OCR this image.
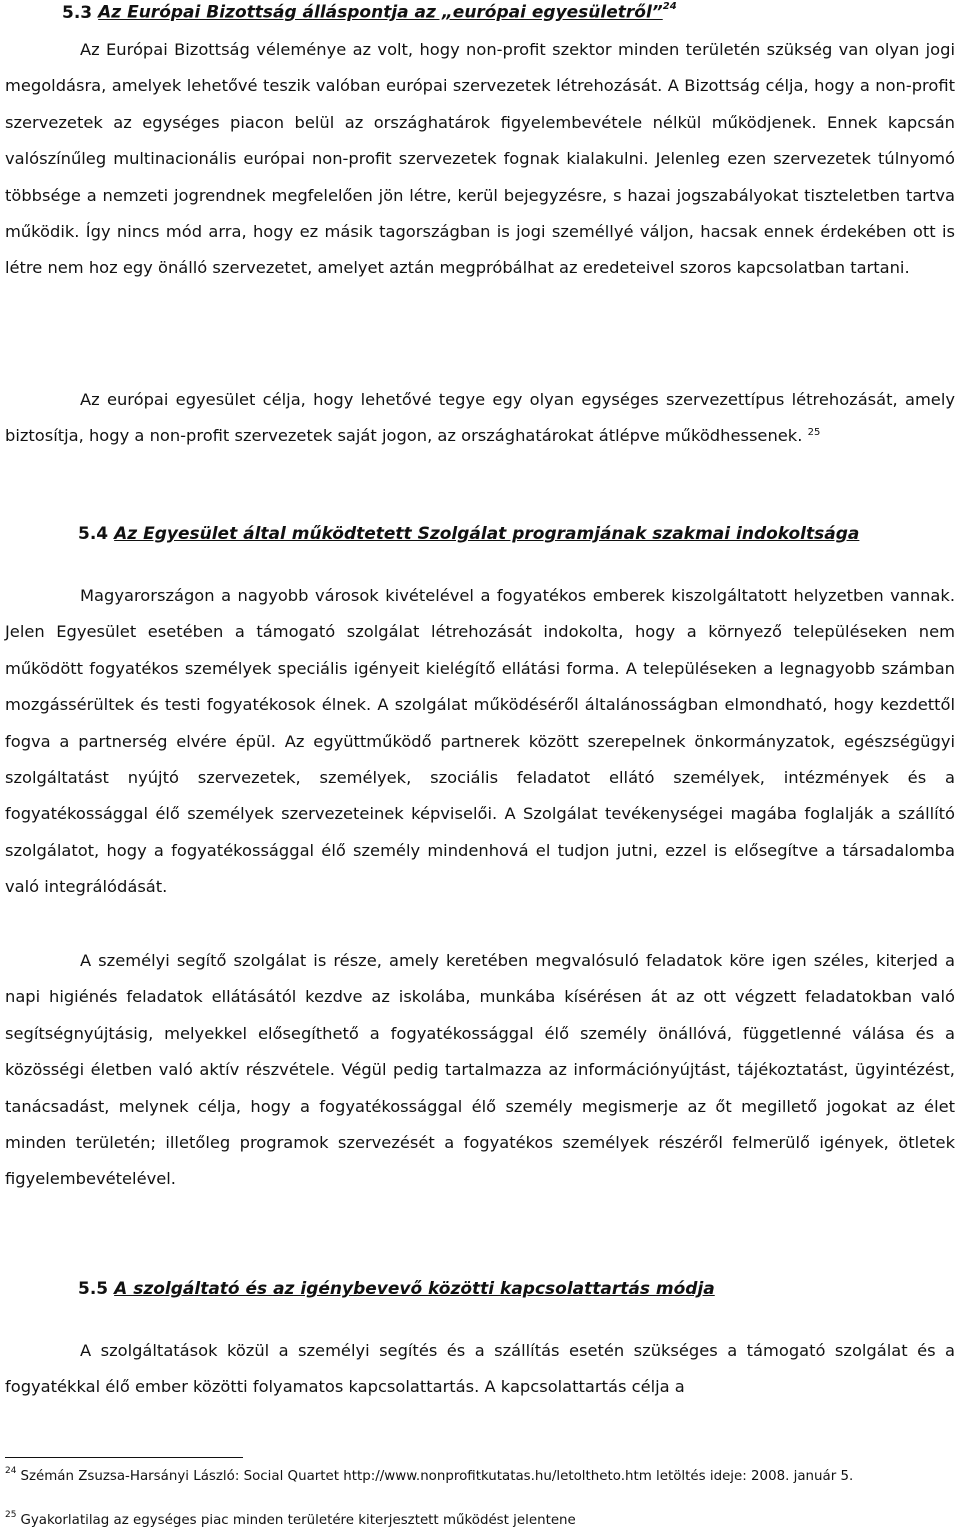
5.3 Az Európai Bizottság álláspontja az „európai egyesületről”$^{24}$

Az Európai Bizottság véleménye az volt, hogy non-profit szektor minden területén szükség van olyan jogi megoldásra, amelyek lehetővé teszik valóban európai szervezetek létrehozását. A Bizottság célja, hogy a non-profit szervezetek az egységes piacon belül az országhatárok figyelembevétele nélkül működjenek. Ennek kapcsán valószínűleg multinacionális európai non-profit szervezetek fognak kialakulni. Jelenleg ezen szervezetek túlnyomó többsége a nemzeti jogrendnek megfelelően jön létre, kerül bejegyzésre, s hazai jogszabályokat tiszteletben tartva működik. Így nincs mód arra, hogy ez másik tagországban is jogi személlyé váljon, hacsak ennek érdekében ott is létre nem hoz egy önálló szervezetet, amelyet aztán megpróbálhat az eredeteivel szoros kapcsolatban tartani.

Az európai egyesület célja, hogy lehetővé tegye egy olyan egységes szervezettípus létrehozását, amely biztosítja, hogy a non-profit szervezetek saját jogon, az országhatárokat átlépve működhessenek. $^{25}$

5.4 Az Egyesület által működtetett Szolgálat programjának szakmai indokoltsága

Magyarországon a nagyobb városok kivételével a fogyatékos emberek kiszolgáltatott helyzetben vannak. Jelen Egyesület esetében a támogató szolgálat létrehozását indokolta, hogy a környező településeken nem működött fogyatékos személyek speciális igényeit kielégítő ellátási forma. A településeken a legnagyobb számban mozgássérültek és testi fogyatékosok élnek. A szolgálat működéséről általánosságban elmondható, hogy kezdettől fogva a partnerség elvére épül. Az együttműködő partnerek között szerepelnek önkormányzatok, egészségügyi szolgáltatást nyújtó szervezetek, személyek, szociális feladatot ellátó személyek, intézmények és a fogyatékossággal élő személyek szervezeteinek képviselői. A Szolgálat tevékenységei magába foglalják a szállító szolgálatot, hogy a fogyatékossággal élő személy mindenhová el tudjon jutni, ezzel is elősegítve a társadalomba való integrálódását.

A személyi segítő szolgálat is része, amely keretében megvalósuló feladatok köre igen széles, kiterjed a napi higiénés feladatok ellátásától kezdve az iskolába, munkába kísérésen át az ott végzett feladatokban való segítségnyújtásig, melyekkel elősegíthető a fogyatékossággal élő személy önállóvá, függetlenné válása és a közösségi életben való aktív részvétele. Végül pedig tartalmazza az információnyújtást, tájékoztatást, ügyintézést, tanácsadást, melynek célja, hogy a fogyatékossággal élő személy megismerje az őt megillető jogokat az élet minden területén; illetőleg programok szervezését a fogyatékos személyek részéről felmerülő igények, ötletek figyelembevételével.

5.5 A szolgáltató és az igénybevevő közötti kapcsolattartás módja

A szolgáltatások közül a személyi segítés és a szállítás esetén szükséges a támogató szolgálat és a fogyatékkal élő ember közötti folyamatos kapcsolattartás. A kapcsolattartás célja a

$^{24}$ Szémán Zsuzsa-Harsányi László: Social Quartet http://www.nonprofitkutatas.hu/letoltheto.htm letöltés ideje: 2008. január 5.

$^{25}$ Gyakorlatilag az egységes piac minden területére kiterjesztett működést jelentene
